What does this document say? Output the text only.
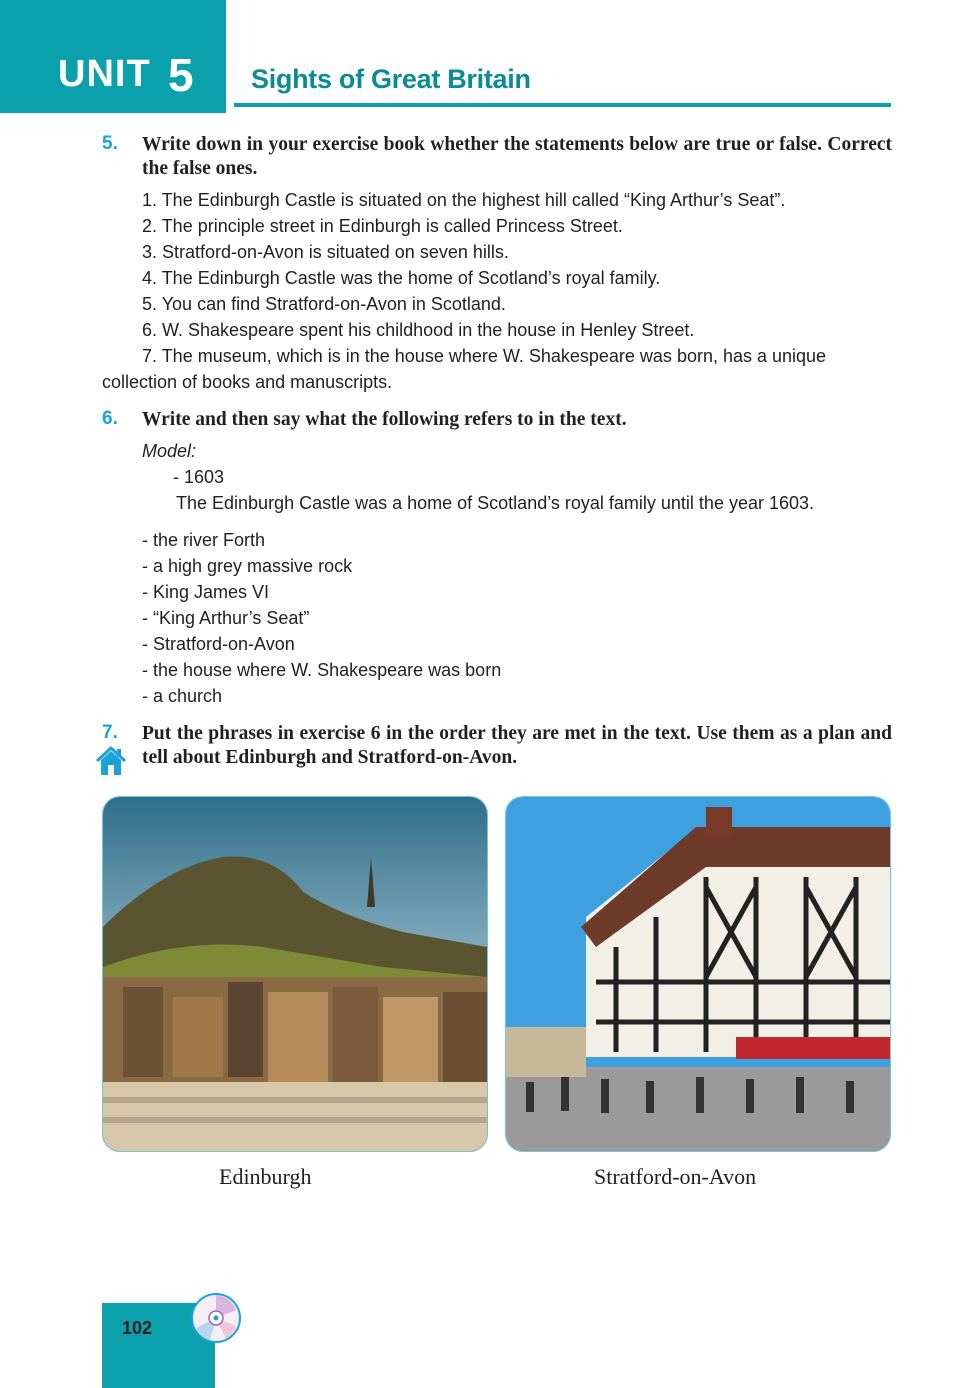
UNIT 5 Sights of Great Britain
5. Write down in your exercise book whether the statements below are true or false. Correct the false ones.
1. The Edinburgh Castle is situated on the highest hill called “King Arthur’s Seat”.
2. The principle street in Edinburgh is called Princess Street.
3. Stratford-on-Avon is situated on seven hills.
4. The Edinburgh Castle was the home of Scotland’s royal family.
5. You can find Stratford-on-Avon in Scotland.
6. W. Shakespeare spent his childhood in the house in Henley Street.
7. The museum, which is in the house where W. Shakespeare was born, has a unique
collection of books and manuscripts.
6. Write and then say what the following refers to in the text.
Model:
- 1603
The Edinburgh Castle was a home of Scotland’s royal family until the year 1603.
- the river Forth
- a high grey massive rock
- King James VI
- “King Arthur’s Seat”
- Stratford-on-Avon
- the house where W. Shakespeare was born
- a church
7. Put the phrases in exercise 6 in the order they are met in the text. Use them as a plan and tell about Edinburgh and Stratford-on-Avon.
Edinburgh	Stratford-on-Avon
102
